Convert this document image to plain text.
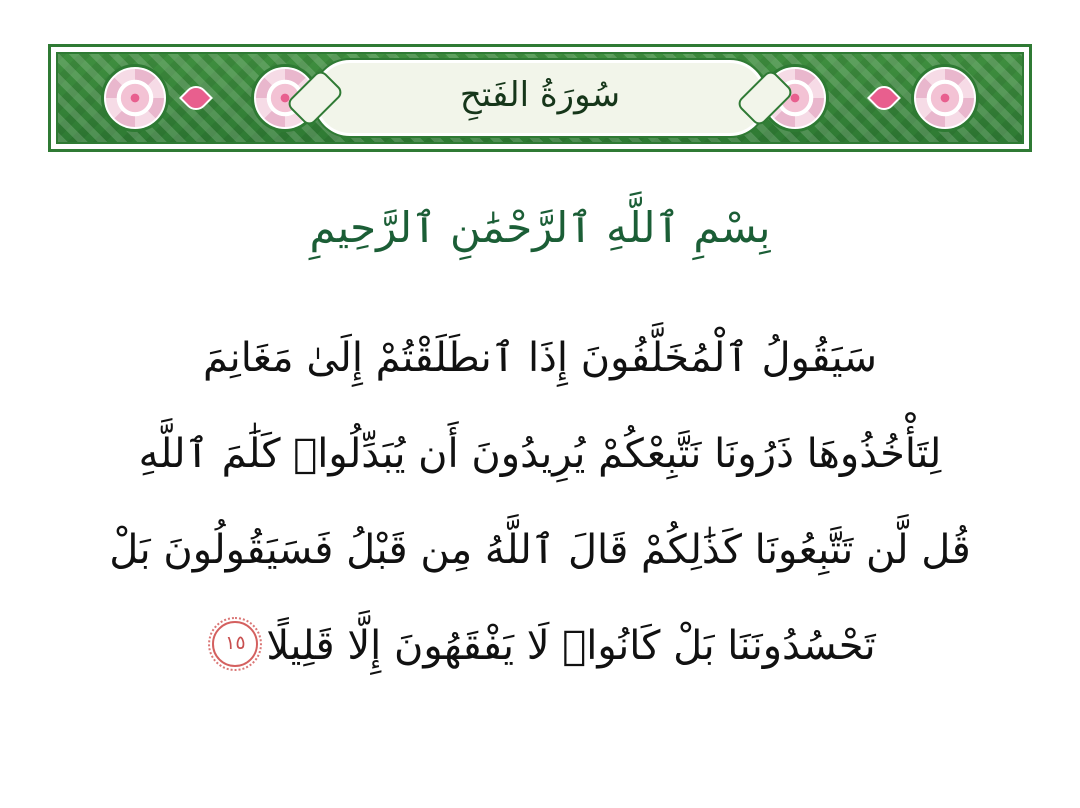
سُورَةُ الفَتحِ
بِسْمِ ٱللَّهِ ٱلرَّحْمَٰنِ ٱلرَّحِيمِ
سَيَقُولُ ٱلْمُخَلَّفُونَ إِذَا ٱنطَلَقْتُمْ إِلَىٰ مَغَانِمَ
لِتَأْخُذُوهَا ذَرُونَا نَتَّبِعْكُمْ يُرِيدُونَ أَن يُبَدِّلُوا۟ كَلَٰمَ ٱللَّهِ
قُل لَّن تَتَّبِعُونَا كَذَٰلِكُمْ قَالَ ٱللَّهُ مِن قَبْلُ فَسَيَقُولُونَ بَلْ
تَحْسُدُونَنَا بَلْ كَانُوا۟ لَا يَفْقَهُونَ إِلَّا قَلِيلًا
١٥
